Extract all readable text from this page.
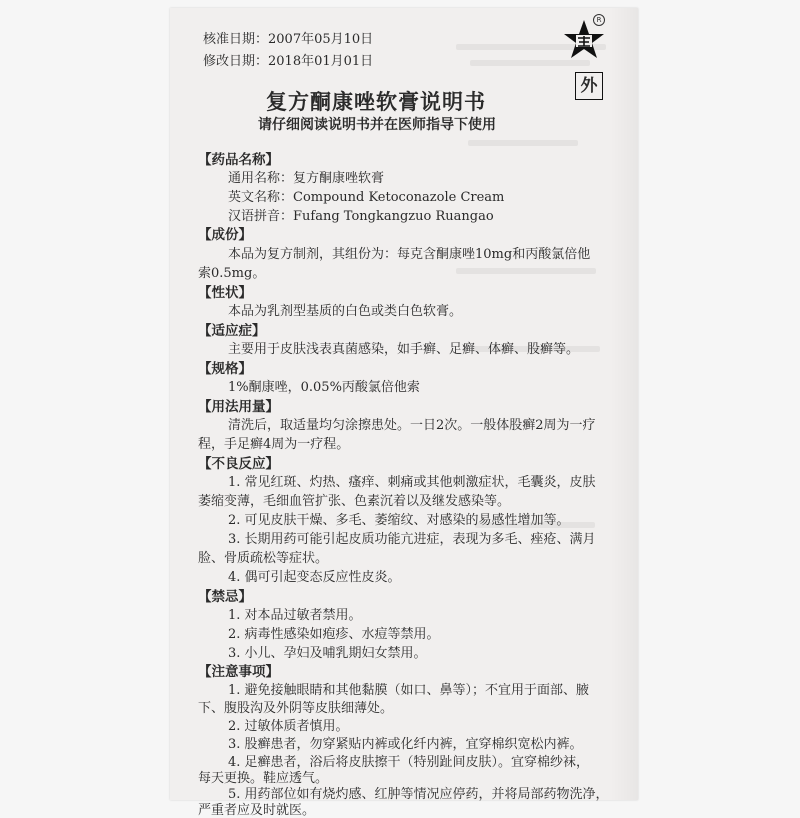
核准日期：2007年05月10日
修改日期：2018年01月01日
R
外
复方酮康唑软膏说明书
请仔细阅读说明书并在医师指导下使用
【药品名称】
通用名称：复方酮康唑软膏
英文名称：Compound Ketoconazole Cream
汉语拼音：Fufang Tongkangzuo Ruangao
【成份】
本品为复方制剂，其组份为：每克含酮康唑10mg和丙酸氯倍他
索0.5mg。
【性状】
本品为乳剂型基质的白色或类白色软膏。
【适应症】
主要用于皮肤浅表真菌感染，如手癣、足癣、体癣、股癣等。
【规格】
1%酮康唑，0.05%丙酸氯倍他索
【用法用量】
清洗后，取适量均匀涂擦患处。一日2次。一般体股癣2周为一疗
程，手足癣4周为一疗程。
【不良反应】
1. 常见红斑、灼热、瘙痒、刺痛或其他刺激症状，毛囊炎，皮肤
萎缩变薄，毛细血管扩张、色素沉着以及继发感染等。
2. 可见皮肤干燥、多毛、萎缩纹、对感染的易感性增加等。
3. 长期用药可能引起皮质功能亢进症，表现为多毛、痤疮、满月
脸、骨质疏松等症状。
4. 偶可引起变态反应性皮炎。
【禁忌】
1. 对本品过敏者禁用。
2. 病毒性感染如疱疹、水痘等禁用。
3. 小儿、孕妇及哺乳期妇女禁用。
【注意事项】
1. 避免接触眼睛和其他黏膜（如口、鼻等）；不宜用于面部、腋
下、腹股沟及外阴等皮肤细薄处。
2. 过敏体质者慎用。
3. 股癣患者，勿穿紧贴内裤或化纤内裤，宜穿棉织宽松内裤。
4. 足癣患者，浴后将皮肤擦干（特别趾间皮肤）。宜穿棉纱袜，
每天更换。鞋应透气。
5. 用药部位如有烧灼感、红肿等情况应停药，并将局部药物洗净，
严重者应及时就医。
